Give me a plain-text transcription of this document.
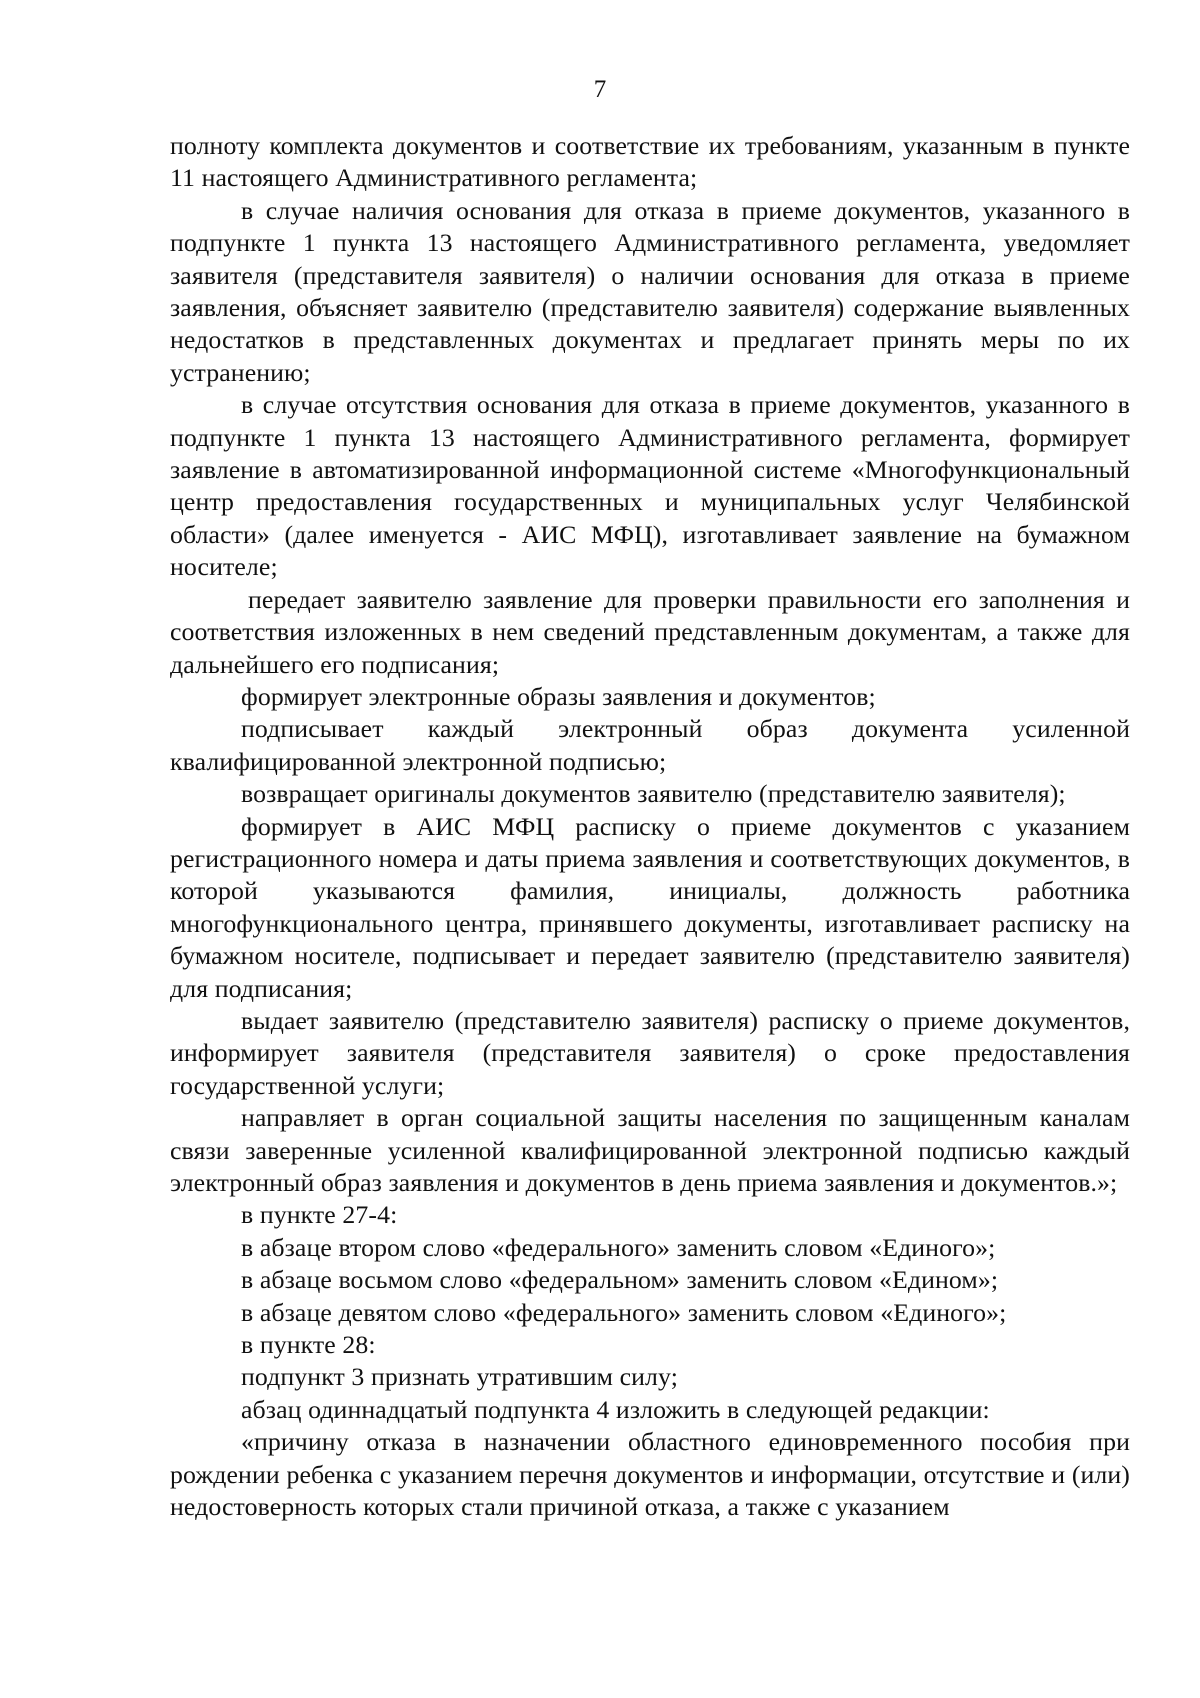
7

полноту комплекта документов и соответствие их требованиям, указанным в пункте 11 настоящего Административного регламента;

в случае наличия основания для отказа в приеме документов, указанного в подпункте 1 пункта 13 настоящего Административного регламента, уведомляет заявителя (представителя заявителя) о наличии основания для отказа в приеме заявления, объясняет заявителю (представителю заявителя) содержание выявленных недостатков в представленных документах и предлагает принять меры по их устранению;

в случае отсутствия основания для отказа в приеме документов, указанного в подпункте 1 пункта 13 настоящего Административного регламента, формирует заявление в автоматизированной информационной системе «Многофункциональный центр предоставления государственных и муниципальных услуг Челябинской области» (далее именуется - АИС МФЦ), изготавливает заявление на бумажном носителе;

передает заявителю заявление для проверки правильности его заполнения и соответствия изложенных в нем сведений представленным документам, а также для дальнейшего его подписания;

формирует электронные образы заявления и документов;

подписывает каждый электронный образ документа усиленной квалифицированной электронной подписью;

возвращает оригиналы документов заявителю (представителю заявителя);

формирует в АИС МФЦ расписку о приеме документов с указанием регистрационного номера и даты приема заявления и соответствующих документов, в которой указываются фамилия, инициалы, должность работника многофункционального центра, принявшего документы, изготавливает расписку на бумажном носителе, подписывает и передает заявителю (представителю заявителя) для подписания;

выдает заявителю (представителю заявителя) расписку о приеме документов, информирует заявителя (представителя заявителя) о сроке предоставления государственной услуги;

направляет в орган социальной защиты населения по защищенным каналам связи заверенные усиленной квалифицированной электронной подписью каждый электронный образ заявления и документов в день приема заявления и документов.»;

в пункте 27-4:

в абзаце втором слово «федерального» заменить словом «Единого»;

в абзаце восьмом слово «федеральном» заменить словом «Едином»;

в абзаце девятом слово «федерального» заменить словом «Единого»;

в пункте 28:

подпункт 3 признать утратившим силу;

абзац одиннадцатый подпункта 4 изложить в следующей редакции:

«причину отказа в назначении областного единовременного пособия при рождении ребенка с указанием перечня документов и информации, отсутствие и (или) недостоверность которых стали причиной отказа, а также с указанием
